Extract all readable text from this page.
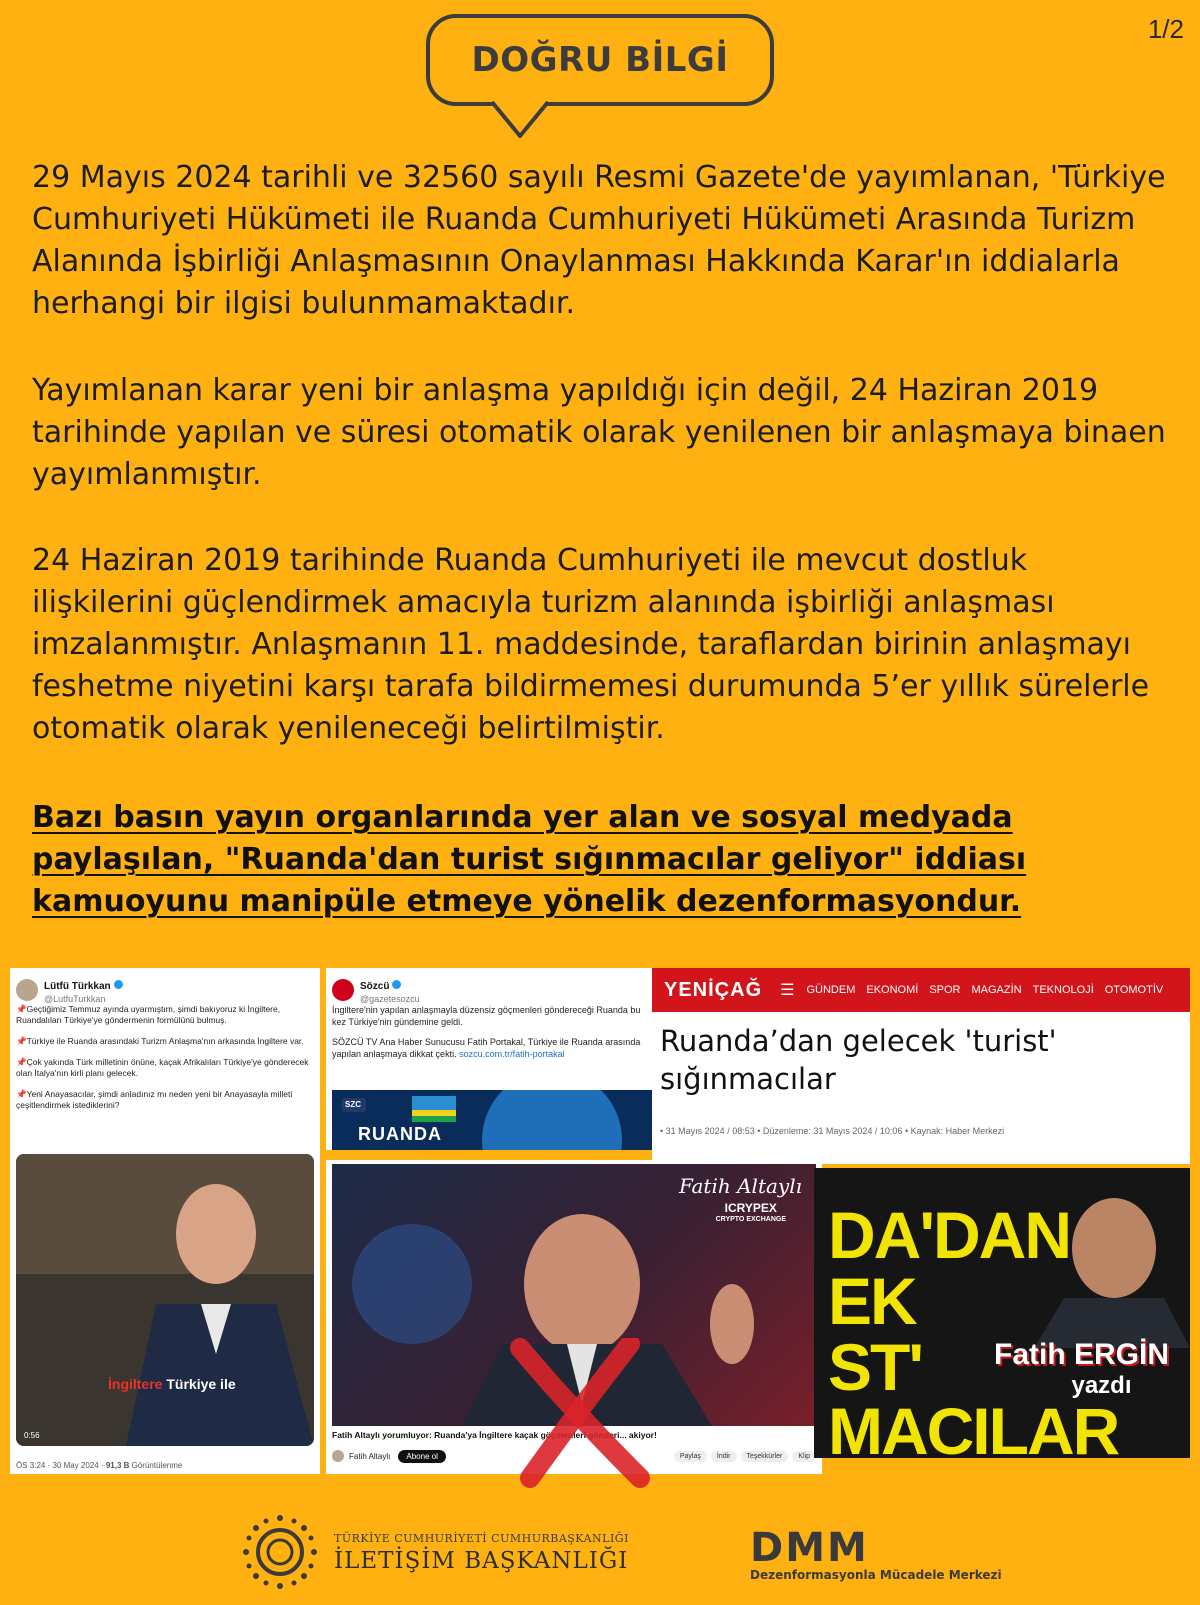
1/2
DOĞRU BİLGİ

29 Mayıs 2024 tarihli ve 32560 sayılı Resmi Gazete'de yayımlanan, 'Türkiye Cumhuriyeti Hükümeti ile Ruanda Cumhuriyeti Hükümeti Arasında Turizm Alanında İşbirliği Anlaşmasının Onaylanması Hakkında Karar'ın iddialarla herhangi bir ilgisi bulunmamaktadır.

Yayımlanan karar yeni bir anlaşma yapıldığı için değil, 24 Haziran 2019 tarihinde yapılan ve süresi otomatik olarak yenilenen bir anlaşmaya binaen yayımlanmıştır.

24 Haziran 2019 tarihinde Ruanda Cumhuriyeti ile mevcut dostluk ilişkilerini güçlendirmek amacıyla turizm alanında işbirliği anlaşması imzalanmıştır. Anlaşmanın 11. maddesinde, taraflardan birinin anlaşmayı feshetme niyetini karşı tarafa bildirmemesi durumunda 5’er yıllık sürelerle otomatik olarak yenileneceği belirtilmiştir.

Bazı basın yayın organlarında yer alan ve sosyal medyada paylaşılan, "Ruanda'dan turist sığınmacılar geliyor" iddiası kamuoyunu manipüle etmeye yönelik dezenformasyondur.

Lütfü Türkkan
@LutfuTurkkan
📌Geçtiğimiz Temmuz ayında uyarmıştım, şimdi bakıyoruz ki İngiltere, Ruandalıları Türkiye'ye göndermenin formülünü bulmuş.
📌Türkiye ile Ruanda arasındaki Turizm Anlaşma'nın arkasında İngiltere var.
📌Çok yakında Türk milletinin önüne, kaçak Afrikalıları Türkiye'ye gönderecek olan İtalya'nın kirli planı gelecek.
📌Yeni Anayasacılar, şimdi anladınız mı neden yeni bir Anayasayla milleti çeşitlendirmek istediklerini?
İngiltere Türkiye ile
0:56
ÖS 3:24 · 30 May 2024 · 91,3 B Görüntülenme
Sözcü
@gazetesozcu
İngiltere'nin yapılan anlaşmayla düzensiz göçmenleri göndereceği Ruanda bu kez Türkiye'nin gündemine geldi.
SÖZCÜ TV Ana Haber Sunucusu Fatih Portakal, Türkiye ile Ruanda arasında yapılan anlaşmaya dikkat çekti. sozcu.com.tr/fatih-portakal
SZC
RUANDA
YENİÇAĞ ☰ GÜNDEM EKONOMİ SPOR MAGAZİN TEKNOLOJİ OTOMOTİV
Ruanda’dan gelecek 'turist' sığınmacılar
• 31 Mayıs 2024 / 08:53 • Düzenleme: 31 Mayıs 2024 / 10:06 • Kaynak: Haber Merkezi
Fatih Altaylı
ICRYPEX
CRYPTO EXCHANGE
Fatih Altaylı yorumluyor: Ruanda'ya İngiltere kaçak göçmenleri gönderi... akiyor!
Fatih Altaylı	Abone ol	Paylaş	İndir	Teşekkürler	Klip
DA'DAN
EK
ST'
MACILAR
Fatih ERGİN
yazdı
TÜRKİYE CUMHURİYETİ CUMHURBAŞKANLIĞI
İLETİŞİM BAŞKANLIĞI	DMM
Dezenformasyonla Mücadele Merkezi
